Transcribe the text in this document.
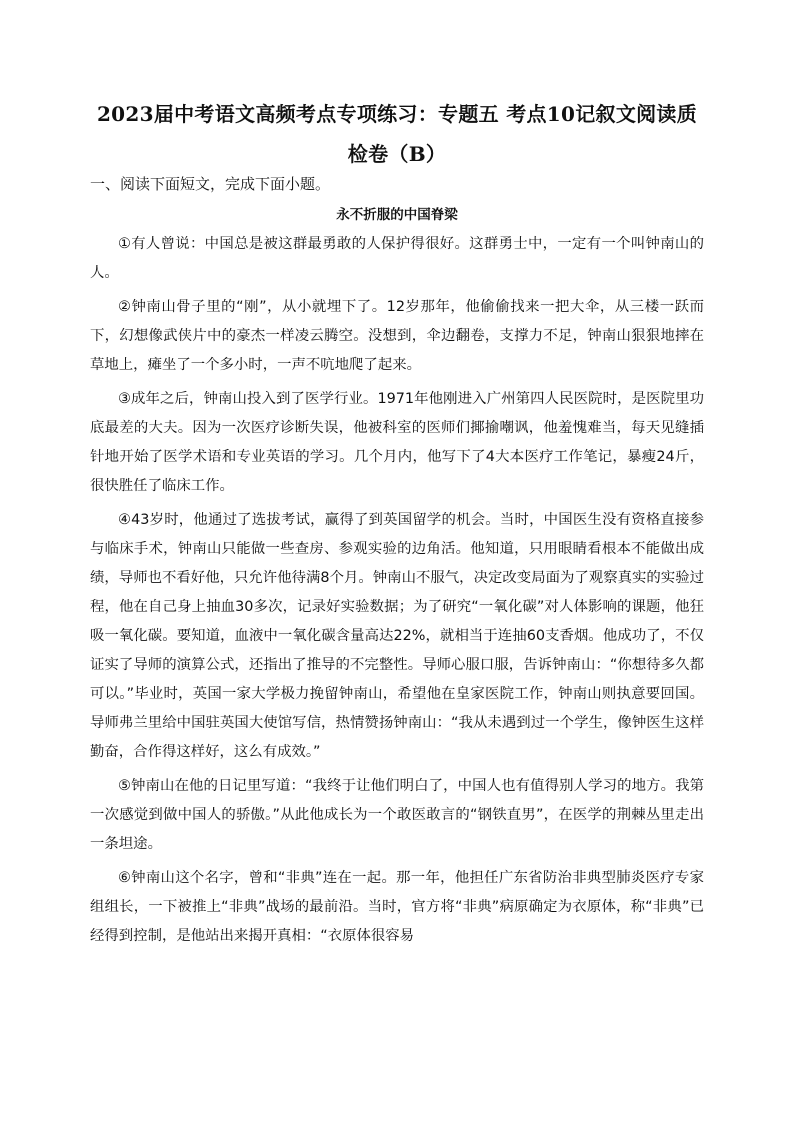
2023届中考语文高频考点专项练习：专题五 考点10记叙文阅读质检卷（B）

一、阅读下面短文，完成下面小题。

永不折服的中国脊梁

①有人曾说：中国总是被这群最勇敢的人保护得很好。这群勇士中，一定有一个叫钟南山的人。

②钟南山骨子里的“刚”，从小就埋下了。12岁那年，他偷偷找来一把大伞，从三楼一跃而下，幻想像武侠片中的豪杰一样凌云腾空。没想到，伞边翻卷，支撑力不足，钟南山狠狠地摔在草地上，瘫坐了一个多小时，一声不吭地爬了起来。

③成年之后，钟南山投入到了医学行业。1971年他刚进入广州第四人民医院时，是医院里功底最差的大夫。因为一次医疗诊断失误，他被科室的医师们揶揄嘲讽，他羞愧难当，每天见缝插针地开始了医学术语和专业英语的学习。几个月内，他写下了4大本医疗工作笔记，暴瘦24斤，很快胜任了临床工作。

④43岁时，他通过了选拔考试，赢得了到英国留学的机会。当时，中国医生没有资格直接参与临床手术，钟南山只能做一些查房、参观实验的边角活。他知道，只用眼睛看根本不能做出成绩，导师也不看好他，只允许他待满8个月。钟南山不服气，决定改变局面为了观察真实的实验过程，他在自己身上抽血30多次，记录好实验数据；为了研究“一氧化碳”对人体影响的课题，他狂吸一氧化碳。要知道，血液中一氧化碳含量高达22%，就相当于连抽60支香烟。他成功了，不仅证实了导师的演算公式，还指出了推导的不完整性。导师心服口服，告诉钟南山：“你想待多久都可以。”毕业时，英国一家大学极力挽留钟南山，希望他在皇家医院工作，钟南山则执意要回国。导师弗兰里给中国驻英国大使馆写信，热情赞扬钟南山：“我从未遇到过一个学生，像钟医生这样勤奋，合作得这样好，这么有成效。”

⑤钟南山在他的日记里写道：“我终于让他们明白了，中国人也有值得别人学习的地方。我第一次感觉到做中国人的骄傲。”从此他成长为一个敢医敢言的“钢铁直男”，在医学的荆棘丛里走出一条坦途。

⑥钟南山这个名字，曾和“非典”连在一起。那一年，他担任广东省防治非典型肺炎医疗专家组组长，一下被推上“非典”战场的最前沿。当时，官方将“非典”病原确定为衣原体，称“非典”已经得到控制，是他站出来揭开真相：“衣原体很容易
